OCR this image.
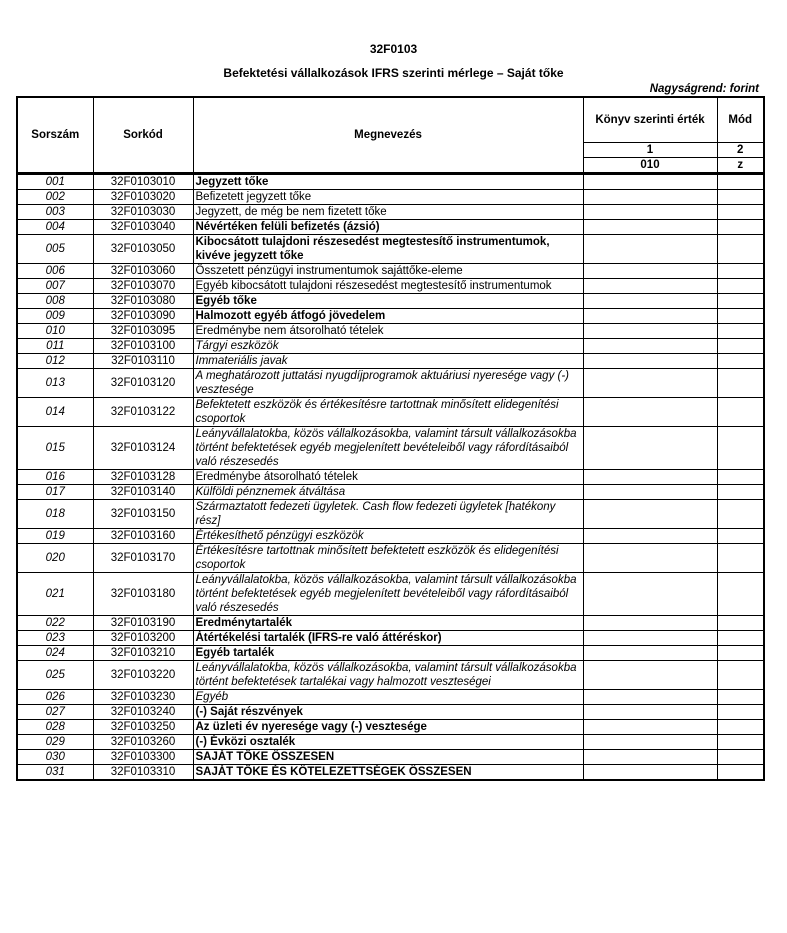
32F0103
Befektetési vállalkozások IFRS szerinti mérlege – Saját tőke
Nagyságrend: forint
Sorszám	Sorkód	Megnevezés	Könyv szerinti érték	Mód
			1	2
			010	z
001	32F0103010	Jegyzett tőke		
002	32F0103020	Befizetett jegyzett tőke		
003	32F0103030	Jegyzett, de még be nem fizetett tőke		
004	32F0103040	Névértéken felüli befizetés (ázsió)		
005	32F0103050	Kibocsátott tulajdoni részesedést megtestesítő instrumentumok, kivéve jegyzett tőke		
006	32F0103060	Összetett pénzügyi instrumentumok sajáttőke-eleme		
007	32F0103070	Egyéb kibocsátott tulajdoni részesedést megtestesítő instrumentumok		
008	32F0103080	Egyéb tőke		
009	32F0103090	Halmozott egyéb átfogó jövedelem		
010	32F0103095	Eredménybe nem átsorolható tételek		
011	32F0103100	Tárgyi eszközök		
012	32F0103110	Immateriális javak		
013	32F0103120	A meghatározott juttatási nyugdíjprogramok aktuáriusi nyeresége vagy (-) vesztesége		
014	32F0103122	Befektetett eszközök és értékesítésre tartottnak minősített elidegenítési csoportok		
015	32F0103124	Leányvállalatokba, közös vállalkozásokba, valamint társult vállalkozásokba történt befektetések egyéb megjelenített bevételeiből vagy ráfordításaiból való részesedés		
016	32F0103128	Eredménybe átsorolható tételek		
017	32F0103140	Külföldi pénznemek átváltása		
018	32F0103150	Származtatott fedezeti ügyletek. Cash flow fedezeti ügyletek [hatékony rész]		
019	32F0103160	Értékesíthető pénzügyi eszközök		
020	32F0103170	Értékesítésre tartottnak minősített befektetett eszközök és elidegenítési csoportok		
021	32F0103180	Leányvállalatokba, közös vállalkozásokba, valamint társult vállalkozásokba történt befektetések egyéb megjelenített bevételeiből vagy ráfordításaiból való részesedés		
022	32F0103190	Eredménytartalék		
023	32F0103200	Átértékelési tartalék (IFRS-re való áttéréskor)		
024	32F0103210	Egyéb tartalék		
025	32F0103220	Leányvállalatokba, közös vállalkozásokba, valamint társult vállalkozásokba történt befektetések tartalékai vagy halmozott veszteségei		
026	32F0103230	Egyéb		
027	32F0103240	(-) Saját részvények		
028	32F0103250	Az üzleti év nyeresége vagy (-) vesztesége		
029	32F0103260	(-) Évközi osztalék		
030	32F0103300	SAJÁT TŐKE ÖSSZESEN		
031	32F0103310	SAJÁT TŐKE ÉS KÖTELEZETTSÉGEK ÖSSZESEN		
